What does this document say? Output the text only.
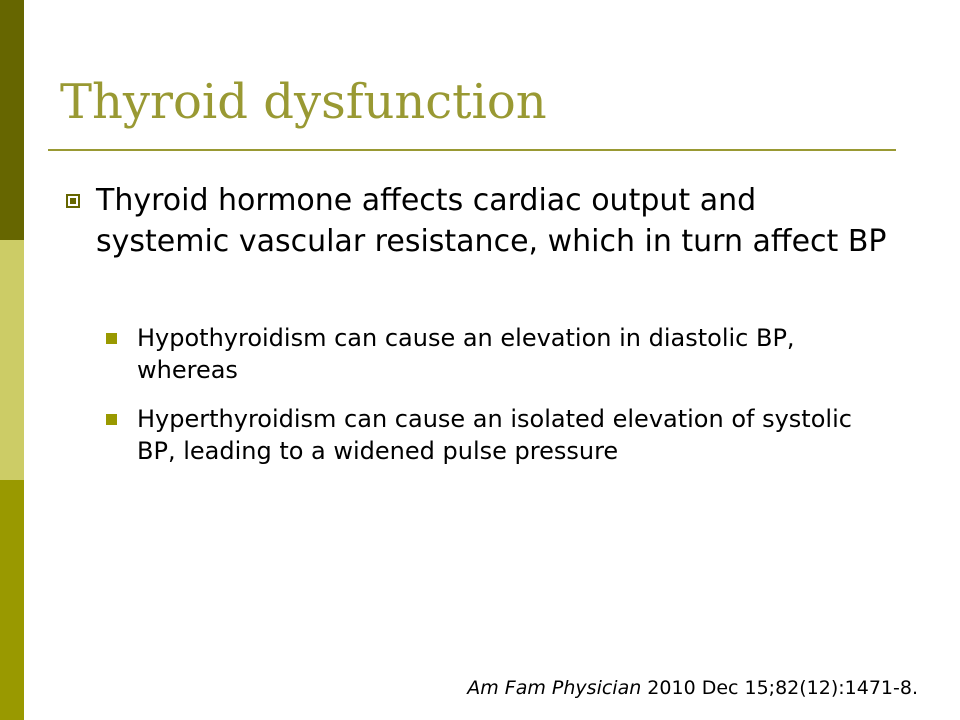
Thyroid dysfunction
Thyroid hormone affects cardiac output and systemic vascular resistance, which in turn affect BP
Hypothyroidism can cause an elevation in diastolic BP, whereas
Hyperthyroidism can cause an isolated elevation of systolic BP, leading to a widened pulse pressure
Am Fam Physician 2010 Dec 15;82(12):1471-8.
